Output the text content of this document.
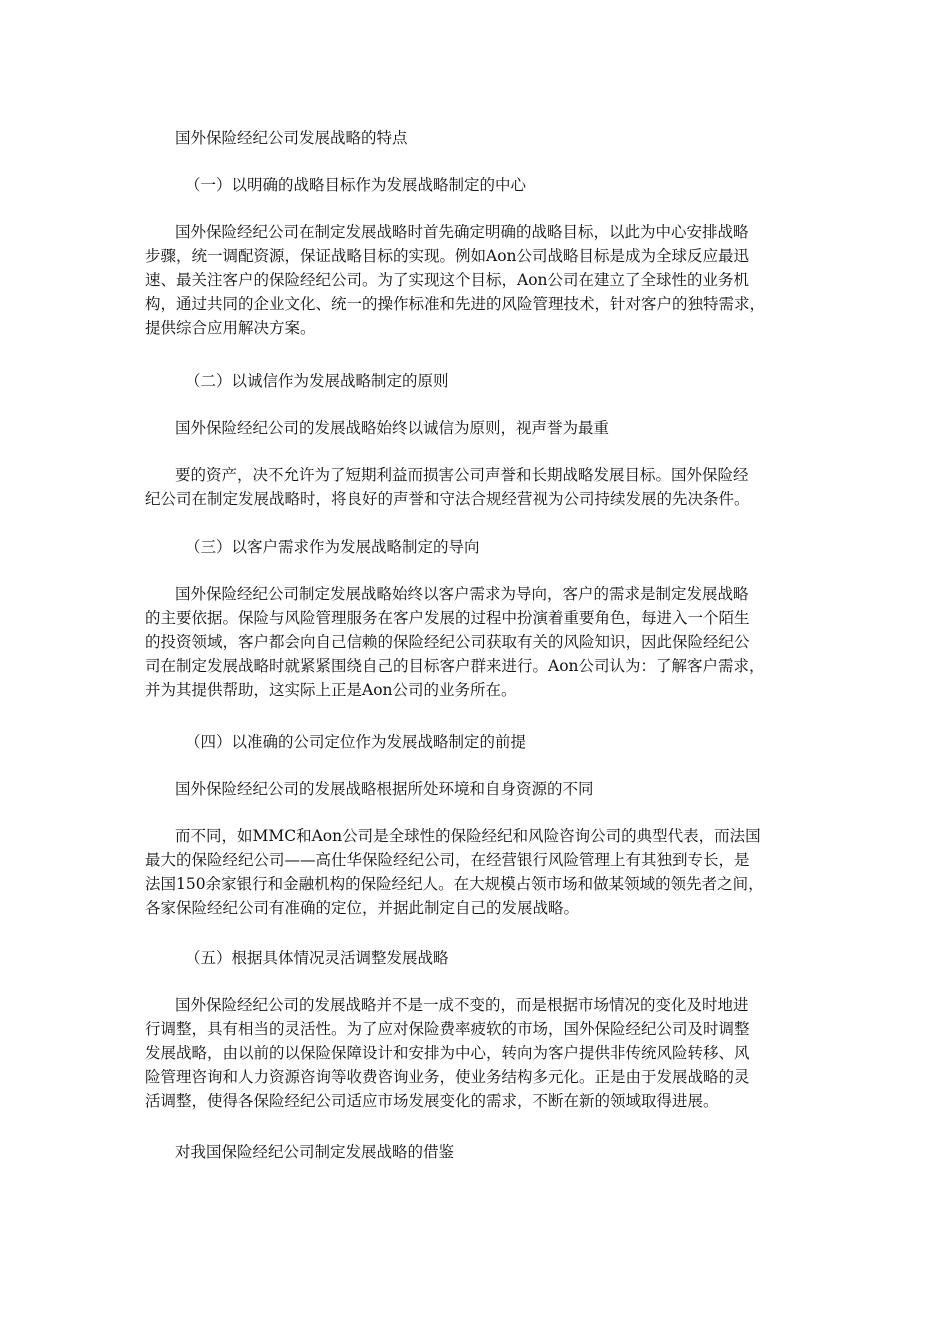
国外保险经纪公司发展战略的特点

（一）以明确的战略目标作为发展战略制定的中心

国外保险经纪公司在制定发展战略时首先确定明确的战略目标，以此为中心安排战略

步骤，统一调配资源，保证战略目标的实现。例如Aon公司战略目标是成为全球反应最迅

速、最关注客户的保险经纪公司。为了实现这个目标，Aon公司在建立了全球性的业务机

构，通过共同的企业文化、统一的操作标准和先进的风险管理技术，针对客户的独特需求，

提供综合应用解决方案。

（二）以诚信作为发展战略制定的原则

国外保险经纪公司的发展战略始终以诚信为原则，视声誉为最重

要的资产，决不允许为了短期利益而损害公司声誉和长期战略发展目标。国外保险经

纪公司在制定发展战略时，将良好的声誉和守法合规经营视为公司持续发展的先决条件。

（三）以客户需求作为发展战略制定的导向

国外保险经纪公司制定发展战略始终以客户需求为导向，客户的需求是制定发展战略

的主要依据。保险与风险管理服务在客户发展的过程中扮演着重要角色，每进入一个陌生

的投资领域，客户都会向自己信赖的保险经纪公司获取有关的风险知识，因此保险经纪公

司在制定发展战略时就紧紧围绕自己的目标客户群来进行。Aon公司认为：了解客户需求，

并为其提供帮助，这实际上正是Aon公司的业务所在。

（四）以准确的公司定位作为发展战略制定的前提

国外保险经纪公司的发展战略根据所处环境和自身资源的不同

而不同，如MMC和Aon公司是全球性的保险经纪和风险咨询公司的典型代表，而法国

最大的保险经纪公司——高仕华保险经纪公司，在经营银行风险管理上有其独到专长，是

法国150余家银行和金融机构的保险经纪人。在大规模占领市场和做某领域的领先者之间，

各家保险经纪公司有准确的定位，并据此制定自己的发展战略。

（五）根据具体情况灵活调整发展战略

国外保险经纪公司的发展战略并不是一成不变的，而是根据市场情况的变化及时地进

行调整，具有相当的灵活性。为了应对保险费率疲软的市场，国外保险经纪公司及时调整

发展战略，由以前的以保险保障设计和安排为中心，转向为客户提供非传统风险转移、风

险管理咨询和人力资源咨询等收费咨询业务，使业务结构多元化。正是由于发展战略的灵

活调整，使得各保险经纪公司适应市场发展变化的需求，不断在新的领域取得进展。

对我国保险经纪公司制定发展战略的借鉴
